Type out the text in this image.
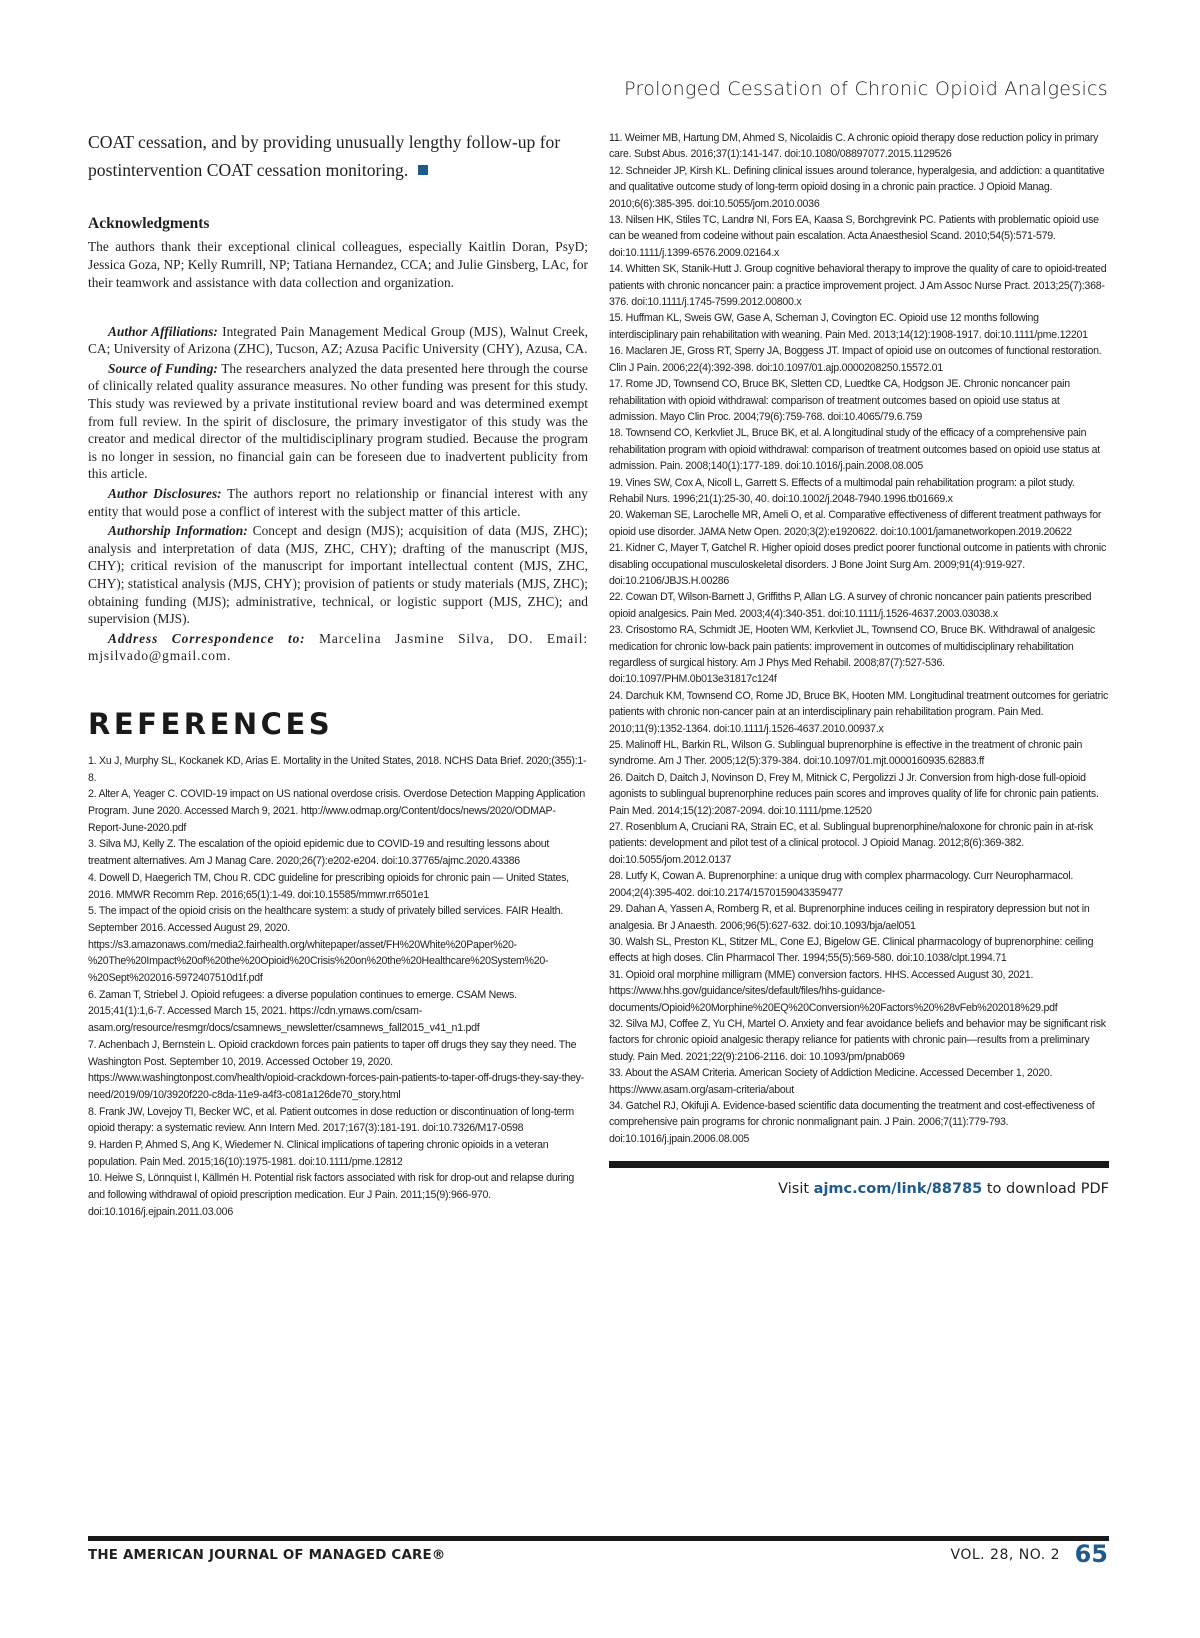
Prolonged Cessation of Chronic Opioid Analgesics

COAT cessation, and by providing unusually lengthy follow-up for postintervention COAT cessation monitoring.

Acknowledgments

The authors thank their exceptional clinical colleagues, especially Kaitlin Doran, PsyD; Jessica Goza, NP; Kelly Rumrill, NP; Tatiana Hernandez, CCA; and Julie Ginsberg, LAc, for their teamwork and assistance with data collection and organization.

Author Affiliations: Integrated Pain Management Medical Group (MJS), Walnut Creek, CA; University of Arizona (ZHC), Tucson, AZ; Azusa Pacific University (CHY), Azusa, CA.

Source of Funding: The researchers analyzed the data presented here through the course of clinically related quality assurance measures. No other funding was present for this study. This study was reviewed by a private institutional review board and was determined exempt from full review. In the spirit of disclosure, the primary investigator of this study was the creator and medical director of the multidisciplinary program studied. Because the program is no longer in session, no financial gain can be foreseen due to inadvertent publicity from this article.

Author Disclosures: The authors report no relationship or financial interest with any entity that would pose a conflict of interest with the subject matter of this article.

Authorship Information: Concept and design (MJS); acquisition of data (MJS, ZHC); analysis and interpretation of data (MJS, ZHC, CHY); drafting of the manuscript (MJS, CHY); critical revision of the manuscript for important intellectual content (MJS, ZHC, CHY); statistical analysis (MJS, CHY); provision of patients or study materials (MJS, ZHC); obtaining funding (MJS); administrative, technical, or logistic support (MJS, ZHC); and supervision (MJS).

Address Correspondence to: Marcelina Jasmine Silva, DO. Email: mjsilvado@gmail.com.

REFERENCES
1. Xu J, Murphy SL, Kockanek KD, Arias E. Mortality in the United States, 2018. NCHS Data Brief. 2020;(355):1-8.
2. Alter A, Yeager C. COVID-19 impact on US national overdose crisis. Overdose Detection Mapping Application Program. June 2020. Accessed March 9, 2021. http://www.odmap.org/Content/docs/news/2020/ODMAP-Report-June-2020.pdf
3. Silva MJ, Kelly Z. The escalation of the opioid epidemic due to COVID-19 and resulting lessons about treatment alternatives. Am J Manag Care. 2020;26(7):e202-e204. doi:10.37765/ajmc.2020.43386
4. Dowell D, Haegerich TM, Chou R. CDC guideline for prescribing opioids for chronic pain — United States, 2016. MMWR Recomm Rep. 2016;65(1):1-49. doi:10.15585/mmwr.rr6501e1
5. The impact of the opioid crisis on the healthcare system: a study of privately billed services. FAIR Health. September 2016. Accessed August 29, 2020. https://s3.amazonaws.com/media2.fairhealth.org/whitepaper/asset/FH%20White%20Paper%20-%20The%20Impact%20of%20the%20Opioid%20Crisis%20on%20the%20Healthcare%20System%20-%20Sept%202016-5972407510d1f.pdf
6. Zaman T, Striebel J. Opioid refugees: a diverse population continues to emerge. CSAM News. 2015;41(1):1,6-7. Accessed March 15, 2021. https://cdn.ymaws.com/csam-asam.org/resource/resmgr/docs/csamnews_newsletter/csamnews_fall2015_v41_n1.pdf
7. Achenbach J, Bernstein L. Opioid crackdown forces pain patients to taper off drugs they say they need. The Washington Post. September 10, 2019. Accessed October 19, 2020. https://www.washingtonpost.com/health/opioid-crackdown-forces-pain-patients-to-taper-off-drugs-they-say-they-need/2019/09/10/3920f220-c8da-11e9-a4f3-c081a126de70_story.html
8. Frank JW, Lovejoy TI, Becker WC, et al. Patient outcomes in dose reduction or discontinuation of long-term opioid therapy: a systematic review. Ann Intern Med. 2017;167(3):181-191. doi:10.7326/M17-0598
9. Harden P, Ahmed S, Ang K, Wiedemer N. Clinical implications of tapering chronic opioids in a veteran population. Pain Med. 2015;16(10):1975-1981. doi:10.1111/pme.12812
10. Heiwe S, Lönnquist I, Källmén H. Potential risk factors associated with risk for drop-out and relapse during and following withdrawal of opioid prescription medication. Eur J Pain. 2011;15(9):966-970. doi:10.1016/j.ejpain.2011.03.006
11. Weimer MB, Hartung DM, Ahmed S, Nicolaidis C. A chronic opioid therapy dose reduction policy in primary care. Subst Abus. 2016;37(1):141-147. doi:10.1080/08897077.2015.1129526
12. Schneider JP, Kirsh KL. Defining clinical issues around tolerance, hyperalgesia, and addiction: a quantitative and qualitative outcome study of long-term opioid dosing in a chronic pain practice. J Opioid Manag. 2010;6(6):385-395. doi:10.5055/jom.2010.0036
13. Nilsen HK, Stiles TC, Landrø NI, Fors EA, Kaasa S, Borchgrevink PC. Patients with problematic opioid use can be weaned from codeine without pain escalation. Acta Anaesthesiol Scand. 2010;54(5):571-579. doi:10.1111/j.1399-6576.2009.02164.x
14. Whitten SK, Stanik-Hutt J. Group cognitive behavioral therapy to improve the quality of care to opioid-treated patients with chronic noncancer pain: a practice improvement project. J Am Assoc Nurse Pract. 2013;25(7):368-376. doi:10.1111/j.1745-7599.2012.00800.x
15. Huffman KL, Sweis GW, Gase A, Scheman J, Covington EC. Opioid use 12 months following interdisciplinary pain rehabilitation with weaning. Pain Med. 2013;14(12):1908-1917. doi:10.1111/pme.12201
16. Maclaren JE, Gross RT, Sperry JA, Boggess JT. Impact of opioid use on outcomes of functional restoration. Clin J Pain. 2006;22(4):392-398. doi:10.1097/01.ajp.0000208250.15572.01
17. Rome JD, Townsend CO, Bruce BK, Sletten CD, Luedtke CA, Hodgson JE. Chronic noncancer pain rehabilitation with opioid withdrawal: comparison of treatment outcomes based on opioid use status at admission. Mayo Clin Proc. 2004;79(6):759-768. doi:10.4065/79.6.759
18. Townsend CO, Kerkvliet JL, Bruce BK, et al. A longitudinal study of the efficacy of a comprehensive pain rehabilitation program with opioid withdrawal: comparison of treatment outcomes based on opioid use status at admission. Pain. 2008;140(1):177-189. doi:10.1016/j.pain.2008.08.005
19. Vines SW, Cox A, Nicoll L, Garrett S. Effects of a multimodal pain rehabilitation program: a pilot study. Rehabil Nurs. 1996;21(1):25-30, 40. doi:10.1002/j.2048-7940.1996.tb01669.x
20. Wakeman SE, Larochelle MR, Ameli O, et al. Comparative effectiveness of different treatment pathways for opioid use disorder. JAMA Netw Open. 2020;3(2):e1920622. doi:10.1001/jamanetworkopen.2019.20622
21. Kidner C, Mayer T, Gatchel R. Higher opioid doses predict poorer functional outcome in patients with chronic disabling occupational musculoskeletal disorders. J Bone Joint Surg Am. 2009;91(4):919-927. doi:10.2106/JBJS.H.00286
22. Cowan DT, Wilson-Barnett J, Griffiths P, Allan LG. A survey of chronic noncancer pain patients prescribed opioid analgesics. Pain Med. 2003;4(4):340-351. doi:10.1111/j.1526-4637.2003.03038.x
23. Crisostomo RA, Schmidt JE, Hooten WM, Kerkvliet JL, Townsend CO, Bruce BK. Withdrawal of analgesic medication for chronic low-back pain patients: improvement in outcomes of multidisciplinary rehabilitation regardless of surgical history. Am J Phys Med Rehabil. 2008;87(7):527-536. doi:10.1097/PHM.0b013e31817c124f
24. Darchuk KM, Townsend CO, Rome JD, Bruce BK, Hooten MM. Longitudinal treatment outcomes for geriatric patients with chronic non-cancer pain at an interdisciplinary pain rehabilitation program. Pain Med. 2010;11(9):1352-1364. doi:10.1111/j.1526-4637.2010.00937.x
25. Malinoff HL, Barkin RL, Wilson G. Sublingual buprenorphine is effective in the treatment of chronic pain syndrome. Am J Ther. 2005;12(5):379-384. doi:10.1097/01.mjt.0000160935.62883.ff
26. Daitch D, Daitch J, Novinson D, Frey M, Mitnick C, Pergolizzi J Jr. Conversion from high-dose full-opioid agonists to sublingual buprenorphine reduces pain scores and improves quality of life for chronic pain patients. Pain Med. 2014;15(12):2087-2094. doi:10.1111/pme.12520
27. Rosenblum A, Cruciani RA, Strain EC, et al. Sublingual buprenorphine/naloxone for chronic pain in at-risk patients: development and pilot test of a clinical protocol. J Opioid Manag. 2012;8(6):369-382. doi:10.5055/jom.2012.0137
28. Lutfy K, Cowan A. Buprenorphine: a unique drug with complex pharmacology. Curr Neuropharmacol. 2004;2(4):395-402. doi:10.2174/1570159043359477
29. Dahan A, Yassen A, Romberg R, et al. Buprenorphine induces ceiling in respiratory depression but not in analgesia. Br J Anaesth. 2006;96(5):627-632. doi:10.1093/bja/ael051
30. Walsh SL, Preston KL, Stitzer ML, Cone EJ, Bigelow GE. Clinical pharmacology of buprenorphine: ceiling effects at high doses. Clin Pharmacol Ther. 1994;55(5):569-580. doi:10.1038/clpt.1994.71
31. Opioid oral morphine milligram (MME) conversion factors. HHS. Accessed August 30, 2021. https://www.hhs.gov/guidance/sites/default/files/hhs-guidance-documents/Opioid%20Morphine%20EQ%20Conversion%20Factors%20%28vFeb%202018%29.pdf
32. Silva MJ, Coffee Z, Yu CH, Martel O. Anxiety and fear avoidance beliefs and behavior may be significant risk factors for chronic opioid analgesic therapy reliance for patients with chronic pain—results from a preliminary study. Pain Med. 2021;22(9):2106-2116. doi: 10.1093/pm/pnab069
33. About the ASAM Criteria. American Society of Addiction Medicine. Accessed December 1, 2020. https://www.asam.org/asam-criteria/about
34. Gatchel RJ, Okifuji A. Evidence-based scientific data documenting the treatment and cost-effectiveness of comprehensive pain programs for chronic nonmalignant pain. J Pain. 2006;7(11):779-793. doi:10.1016/j.jpain.2006.08.005
Visit ajmc.com/link/88785 to download PDF
THE AMERICAN JOURNAL OF MANAGED CARE®	VOL. 28, NO. 2 65
